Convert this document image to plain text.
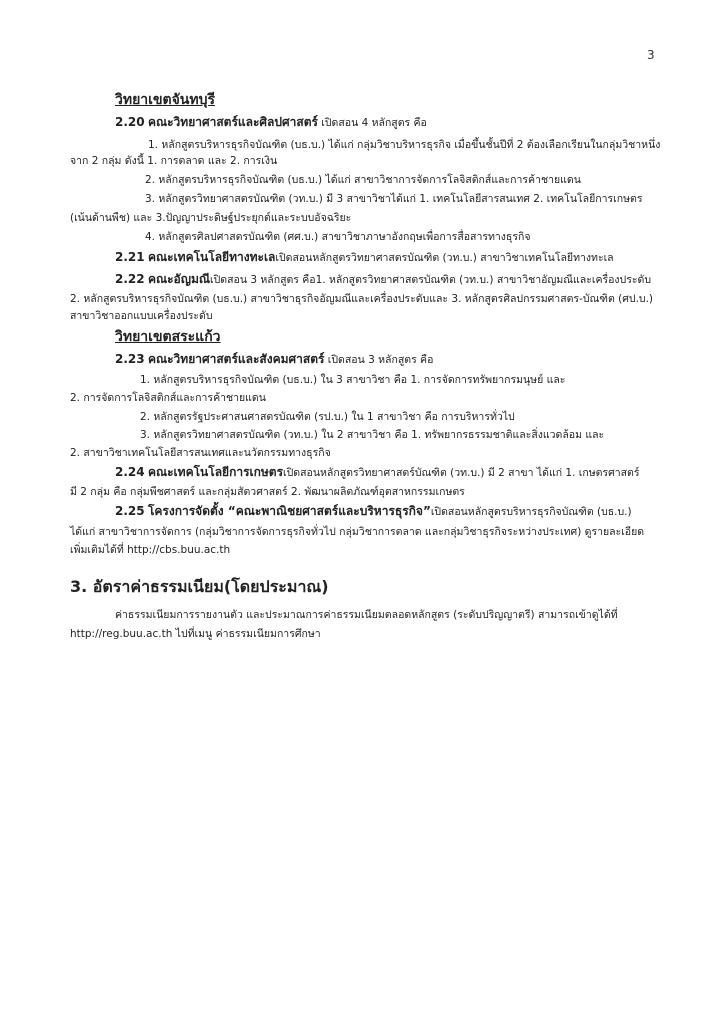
3
วิทยาเขตจันทบุรี
2.20 คณะวิทยาศาสตร์และศิลปศาสตร์ เปิดสอน 4 หลักสูตร คือ
1. หลักสูตรบริหารธุรกิจบัณฑิต (บธ.บ.) ได้แก่ กลุ่มวิชาบริหารธุรกิจ เมื่อขึ้นชั้นปีที่ 2 ต้องเลือกเรียนในกลุ่มวิชาหนึ่ง
จาก 2 กลุ่ม ดังนี้ 1. การตลาด และ 2. การเงิน
2. หลักสูตรบริหารธุรกิจบัณฑิต (บธ.บ.) ได้แก่ สาขาวิชาการจัดการโลจิสติกส์และการค้าชายแดน
3. หลักสูตรวิทยาศาสตรบัณฑิต (วท.บ.) มี 3 สาขาวิชาได้แก่ 1. เทคโนโลยีสารสนเทศ 2. เทคโนโลยีการเกษตร
(เน้นด้านพืช) และ 3.ปัญญาประดิษฐ์ประยุกต์และระบบอัจฉริยะ
4. หลักสูตรศิลปศาสตรบัณฑิต (ศศ.บ.) สาขาวิชาภาษาอังกฤษเพื่อการสื่อสารทางธุรกิจ
2.21 คณะเทคโนโลยีทางทะเลเปิดสอนหลักสูตรวิทยาศาสตรบัณฑิต (วท.บ.) สาขาวิชาเทคโนโลยีทางทะเล
2.22 คณะอัญมณีเปิดสอน 3 หลักสูตร คือ1. หลักสูตรวิทยาศาสตรบัณฑิต (วท.บ.) สาขาวิชาอัญมณีและเครื่องประดับ
2. หลักสูตรบริหารธุรกิจบัณฑิต (บธ.บ.) สาขาวิชาธุรกิจอัญมณีและเครื่องประดับและ 3. หลักสูตรศิลปกรรมศาสตร-บัณฑิต (ศป.บ.)
สาขาวิชาออกแบบเครื่องประดับ
วิทยาเขตสระแก้ว
2.23 คณะวิทยาศาสตร์และสังคมศาสตร์ เปิดสอน 3 หลักสูตร คือ
1. หลักสูตรบริหารธุรกิจบัณฑิต (บธ.บ.) ใน 3 สาขาวิชา คือ 1. การจัดการทรัพยากรมนุษย์ และ
2. การจัดการโลจิสติกส์และการค้าชายแดน
2. หลักสูตรรัฐประศาสนศาสตรบัณฑิต (รป.บ.) ใน 1 สาขาวิชา คือ การบริหารทั่วไป
3. หลักสูตรวิทยาศาสตรบัณฑิต (วท.บ.) ใน 2 สาขาวิชา คือ 1. ทรัพยากรธรรมชาติและสิ่งแวดล้อม และ
2. สาขาวิชาเทคโนโลยีสารสนเทศและนวัตกรรมทางธุรกิจ
2.24 คณะเทคโนโลยีการเกษตรเปิดสอนหลักสูตรวิทยาศาสตร์บัณฑิต (วท.บ.) มี 2 สาขา ได้แก่ 1. เกษตรศาสตร์
มี 2 กลุ่ม คือ กลุ่มพืชศาสตร์ และกลุ่มสัตวศาสตร์ 2. พัฒนาผลิตภัณฑ์อุตสาหกรรมเกษตร
2.25 โครงการจัดตั้ง “คณะพาณิชยศาสตร์และบริหารธุรกิจ”เปิดสอนหลักสูตรบริหารธุรกิจบัณฑิต (บธ.บ.)
ได้แก่ สาขาวิชาการจัดการ (กลุ่มวิชาการจัดการธุรกิจทั่วไป กลุ่มวิชาการตลาด และกลุ่มวิชาธุรกิจระหว่างประเทศ) ดูรายละเอียด
เพิ่มเติมได้ที่ http://cbs.buu.ac.th
3. อัตราค่าธรรมเนียม(โดยประมาณ)
ค่าธรรมเนียมการรายงานตัว และประมาณการค่าธรรมเนียมตลอดหลักสูตร (ระดับปริญญาตรี) สามารถเข้าดูได้ที่
http://reg.buu.ac.th ไปที่เมนู ค่าธรรมเนียมการศึกษา
